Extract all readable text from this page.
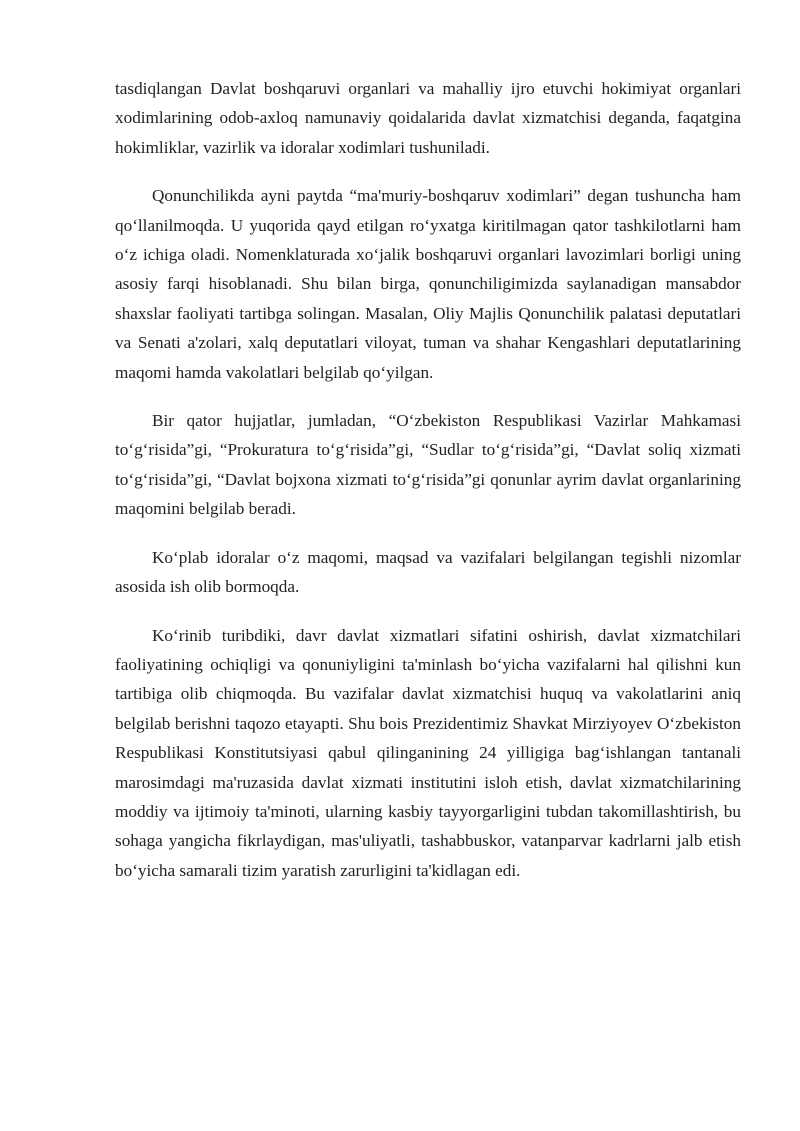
tasdiqlangan Davlat boshqaruvi organlari va mahalliy ijro etuvchi hokimiyat organlari xodimlarining odob-axloq namunaviy qoidalarida davlat xizmatchisi deganda, faqatgina hokimliklar, vazirlik va idoralar xodimlari tushuniladi.

Qonunchilikda ayni paytda “ma'muriy-boshqaruv xodimlari” degan tushuncha ham qo‘llanilmoqda. U yuqorida qayd etilgan ro‘yxatga kiritilmagan qator tashkilotlarni ham o‘z ichiga oladi. Nomenklaturada xo‘jalik boshqaruvi organlari lavozimlari borligi uning asosiy farqi hisoblanadi. Shu bilan birga, qonunchiligimizda saylanadigan mansabdor shaxslar faoliyati tartibga solingan. Masalan, Oliy Majlis Qonunchilik palatasi deputatlari va Senati a'zolari, xalq deputatlari viloyat, tuman va shahar Kengashlari deputatlarining maqomi hamda vakolatlari belgilab qo‘yilgan.

Bir qator hujjatlar, jumladan, “O‘zbekiston Respublikasi Vazirlar Mahkamasi to‘g‘risida”gi, “Prokuratura to‘g‘risida”gi, “Sudlar to‘g‘risida”gi, “Davlat soliq xizmati to‘g‘risida”gi, “Davlat bojxona xizmati to‘g‘risida”gi qonunlar ayrim davlat organlarining maqomini belgilab beradi.

Ko‘plab idoralar o‘z maqomi, maqsad va vazifalari belgilangan tegishli nizomlar asosida ish olib bormoqda.

Ko‘rinib turibdiki, davr davlat xizmatlari sifatini oshirish, davlat xizmatchilari faoliyatining ochiqligi va qonuniyligini ta'minlash bo‘yicha vazifalarni hal qilishni kun tartibiga olib chiqmoqda. Bu vazifalar davlat xizmatchisi huquq va vakolatlarini aniq belgilab berishni taqozo etayapti. Shu bois Prezidentimiz Shavkat Mirziyoyev O‘zbekiston Respublikasi Konstitutsiyasi qabul qilinganining 24 yilligiga bag‘ishlangan tantanali marosimdagi ma'ruzasida davlat xizmati institutini isloh etish, davlat xizmatchilarining moddiy va ijtimoiy ta'minoti, ularning kasbiy tayyorgarligini tubdan takomillashtirish, bu sohaga yangicha fikrlaydigan, mas'uliyatli, tashabbuskor, vatanparvar kadrlarni jalb etish bo‘yicha samarali tizim yaratish zarurligini ta'kidlagan edi.
